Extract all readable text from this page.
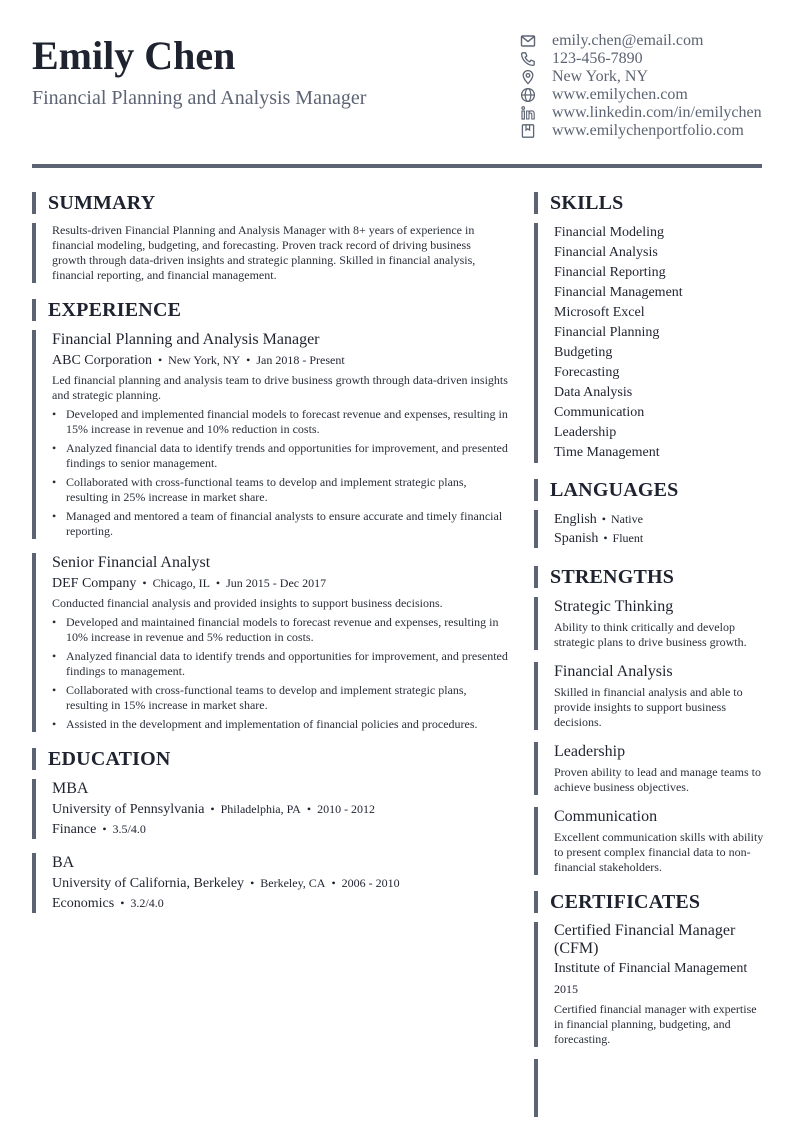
Emily Chen
Financial Planning and Analysis Manager
emily.chen@email.com
123-456-7890
New York, NY
www.emilychen.com
www.linkedin.com/in/emilychen
www.emilychenportfolio.com
SUMMARY

Results-driven Financial Planning and Analysis Manager with 8+ years of experience in financial modeling, budgeting, and forecasting. Proven track record of driving business growth through data-driven insights and strategic planning. Skilled in financial analysis, financial reporting, and financial management.

EXPERIENCE
Financial Planning and Analysis Manager
ABC Corporation • New York, NY • Jan 2018 - Present

Led financial planning and analysis team to drive business growth through data-driven insights and strategic planning.

• Developed and implemented financial models to forecast revenue and expenses, resulting in 15% increase in revenue and 10% reduction in costs.
• Analyzed financial data to identify trends and opportunities for improvement, and presented findings to senior management.
• Collaborated with cross-functional teams to develop and implement strategic plans, resulting in 25% increase in market share.
• Managed and mentored a team of financial analysts to ensure accurate and timely financial reporting.
Senior Financial Analyst
DEF Company • Chicago, IL • Jun 2015 - Dec 2017

Conducted financial analysis and provided insights to support business decisions.

• Developed and maintained financial models to forecast revenue and expenses, resulting in 10% increase in revenue and 5% reduction in costs.
• Analyzed financial data to identify trends and opportunities for improvement, and presented findings to management.
• Collaborated with cross-functional teams to develop and implement strategic plans, resulting in 15% increase in market share.
• Assisted in the development and implementation of financial policies and procedures.
EDUCATION
MBA
University of Pennsylvania • Philadelphia, PA • 2010 - 2012
Finance • 3.5/4.0
BA
University of California, Berkeley • Berkeley, CA • 2006 - 2010
Economics • 3.2/4.0
SKILLS
Financial Modeling
Financial Analysis
Financial Reporting
Financial Management
Microsoft Excel
Financial Planning
Budgeting
Forecasting
Data Analysis
Communication
Leadership
Time Management
LANGUAGES
English • Native
Spanish • Fluent
STRENGTHS
Strategic Thinking

Ability to think critically and develop strategic plans to drive business growth.

Financial Analysis

Skilled in financial analysis and able to provide insights to support business decisions.

Leadership

Proven ability to lead and manage teams to achieve business objectives.

Communication

Excellent communication skills with ability to present complex financial data to non-financial stakeholders.

CERTIFICATES
Certified Financial Manager (CFM)
Institute of Financial Management
2015

Certified financial manager with expertise in financial planning, budgeting, and forecasting.
